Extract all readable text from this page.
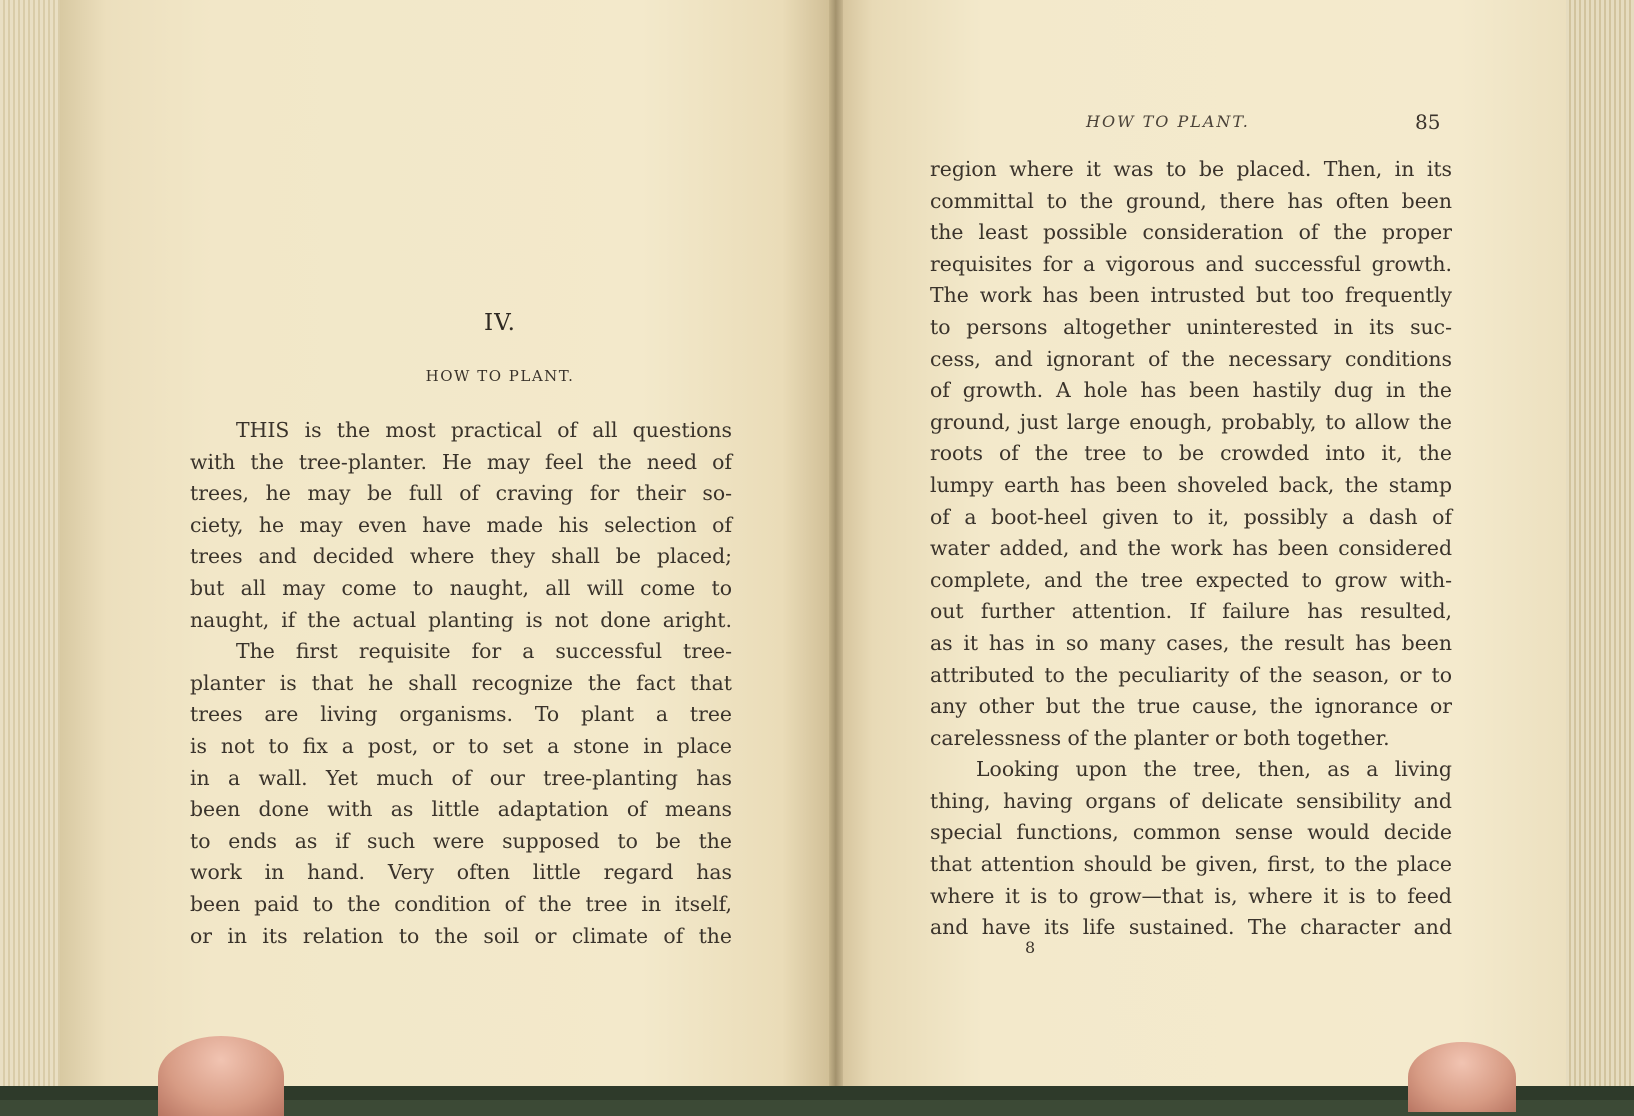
IV.
HOW TO PLANT.
THIS is the most practical of all questions
with the tree-planter. He may feel the need of
trees, he may be full of craving for their so-
ciety, he may even have made his selection of
trees and decided where they shall be placed;
but all may come to naught, all will come to
naught, if the actual planting is not done aright.
The first requisite for a successful tree-
planter is that he shall recognize the fact that
trees are living organisms. To plant a tree
is not to fix a post, or to set a stone in place
in a wall. Yet much of our tree-planting has
been done with as little adaptation of means
to ends as if such were supposed to be the
work in hand. Very often little regard has
been paid to the condition of the tree in itself,
or in its relation to the soil or climate of the
HOW TO PLANT.	85
region where it was to be placed. Then, in its
committal to the ground, there has often been
the least possible consideration of the proper
requisites for a vigorous and successful growth.
The work has been intrusted but too frequently
to persons altogether uninterested in its suc-
cess, and ignorant of the necessary conditions
of growth. A hole has been hastily dug in the
ground, just large enough, probably, to allow the
roots of the tree to be crowded into it, the
lumpy earth has been shoveled back, the stamp
of a boot-heel given to it, possibly a dash of
water added, and the work has been considered
complete, and the tree expected to grow with-
out further attention. If failure has resulted,
as it has in so many cases, the result has been
attributed to the peculiarity of the season, or to
any other but the true cause, the ignorance or
carelessness of the planter or both together.
Looking upon the tree, then, as a living
thing, having organs of delicate sensibility and
special functions, common sense would decide
that attention should be given, first, to the place
where it is to grow—that is, where it is to feed
and have its life sustained. The character and
8
